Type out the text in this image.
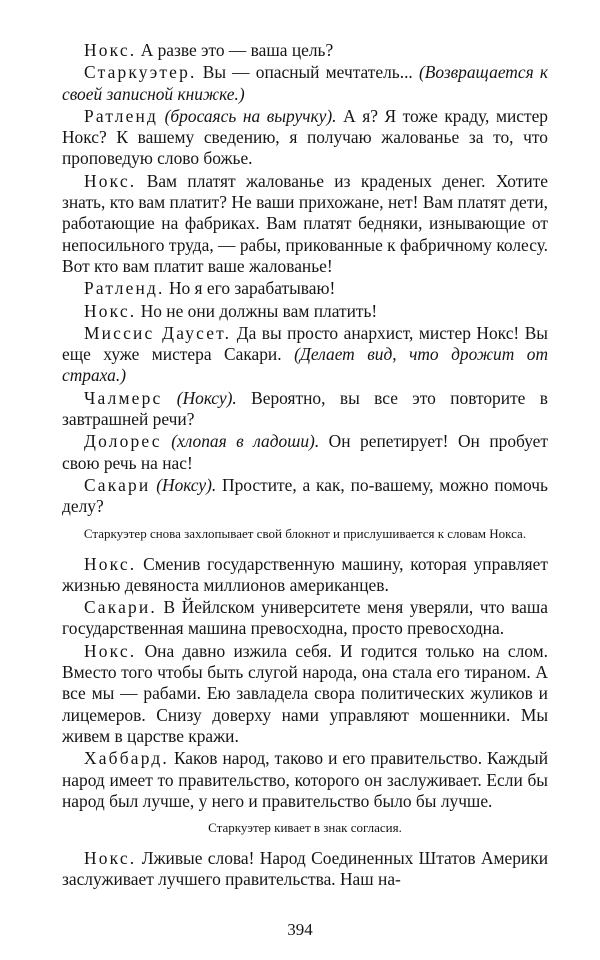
Нокс. А разве это — ваша цель?

Старкуэтер. Вы — опасный мечтатель... (Возвращается к своей записной книжке.)

Ратленд (бросаясь на выручку). А я? Я тоже краду, мистер Нокс? К вашему сведению, я получаю жалованье за то, что проповедую слово божье.

Нокс. Вам платят жалованье из краденых денег. Хотите знать, кто вам платит? Не ваши прихожане, нет! Вам платят дети, работающие на фабриках. Вам платят бедняки, изнывающие от непосильного труда, — рабы, прикованные к фабричному колесу. Вот кто вам платит ваше жалованье!

Ратленд. Но я его зарабатываю!

Нокс. Но не они должны вам платить!

Миссис Даусет. Да вы просто анархист, мистер Нокс! Вы еще хуже мистера Сакари. (Делает вид, что дрожит от страха.)

Чалмерс (Ноксу). Вероятно, вы все это повторите в завтрашней речи?

Долорес (хлопая в ладоши). Он репетирует! Он пробует свою речь на нас!

Сакари (Ноксу). Простите, а как, по-вашему, можно помочь делу?

Старкуэтер снова захлопывает свой блокнот и прислушивается к словам Нокса.

Нокс. Сменив государственную машину, которая управляет жизнью девяноста миллионов американцев.

Сакари. В Йейлском университете меня уверяли, что ваша государственная машина превосходна, просто превосходна.

Нокс. Она давно изжила себя. И годится только на слом. Вместо того чтобы быть слугой народа, она стала его тираном. А все мы — рабами. Ею завладела свора политических жуликов и лицемеров. Снизу доверху нами управляют мошенники. Мы живем в царстве кражи.

Хаббард. Каков народ, таково и его правительство. Каждый народ имеет то правительство, которого он заслуживает. Если бы народ был лучше, у него и правительство было бы лучше.

Старкуэтер кивает в знак согласия.

Нокс. Лживые слова! Народ Соединенных Штатов Америки заслуживает лучшего правительства. Наш на-

394
